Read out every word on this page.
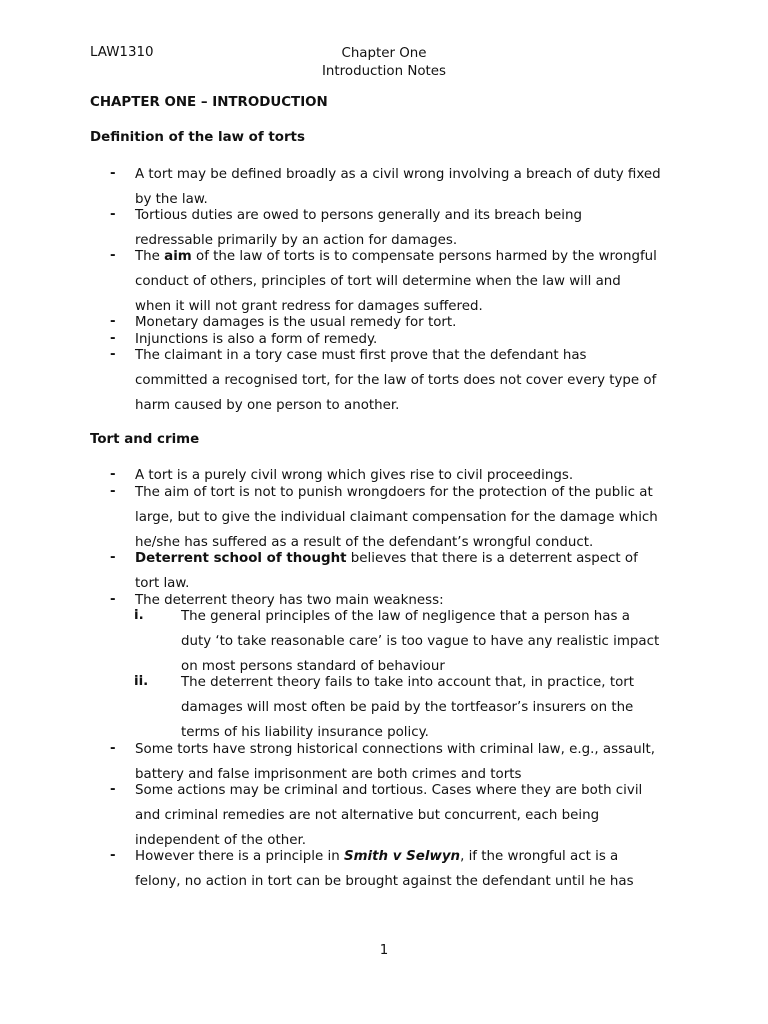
LAW1310	Chapter One
Introduction Notes
CHAPTER ONE – INTRODUCTION
Definition of the law of torts
- A tort may be defined broadly as a civil wrong involving a breach of duty fixed
by the law.
- Tortious duties are owed to persons generally and its breach being
redressable primarily by an action for damages.
- The aim of the law of torts is to compensate persons harmed by the wrongful
conduct of others, principles of tort will determine when the law will and
when it will not grant redress for damages suffered.
- Monetary damages is the usual remedy for tort.
- Injunctions is also a form of remedy.
- The claimant in a tory case must first prove that the defendant has
committed a recognised tort, for the law of torts does not cover every type of
harm caused by one person to another.
Tort and crime
- A tort is a purely civil wrong which gives rise to civil proceedings.
- The aim of tort is not to punish wrongdoers for the protection of the public at
large, but to give the individual claimant compensation for the damage which
he/she has suffered as a result of the defendant’s wrongful conduct.
- Deterrent school of thought believes that there is a deterrent aspect of
tort law.
- The deterrent theory has two main weakness:
i.	The general principles of the law of negligence that a person has a
duty ‘to take reasonable care’ is too vague to have any realistic impact
on most persons standard of behaviour
ii. The deterrent theory fails to take into account that, in practice, tort
damages will most often be paid by the tortfeasor’s insurers on the
terms of his liability insurance policy.
- Some torts have strong historical connections with criminal law, e.g., assault,
battery and false imprisonment are both crimes and torts
- Some actions may be criminal and tortious. Cases where they are both civil
and criminal remedies are not alternative but concurrent, each being
independent of the other.
- However there is a principle in Smith v Selwyn, if the wrongful act is a
felony, no action in tort can be brought against the defendant until he has
1
